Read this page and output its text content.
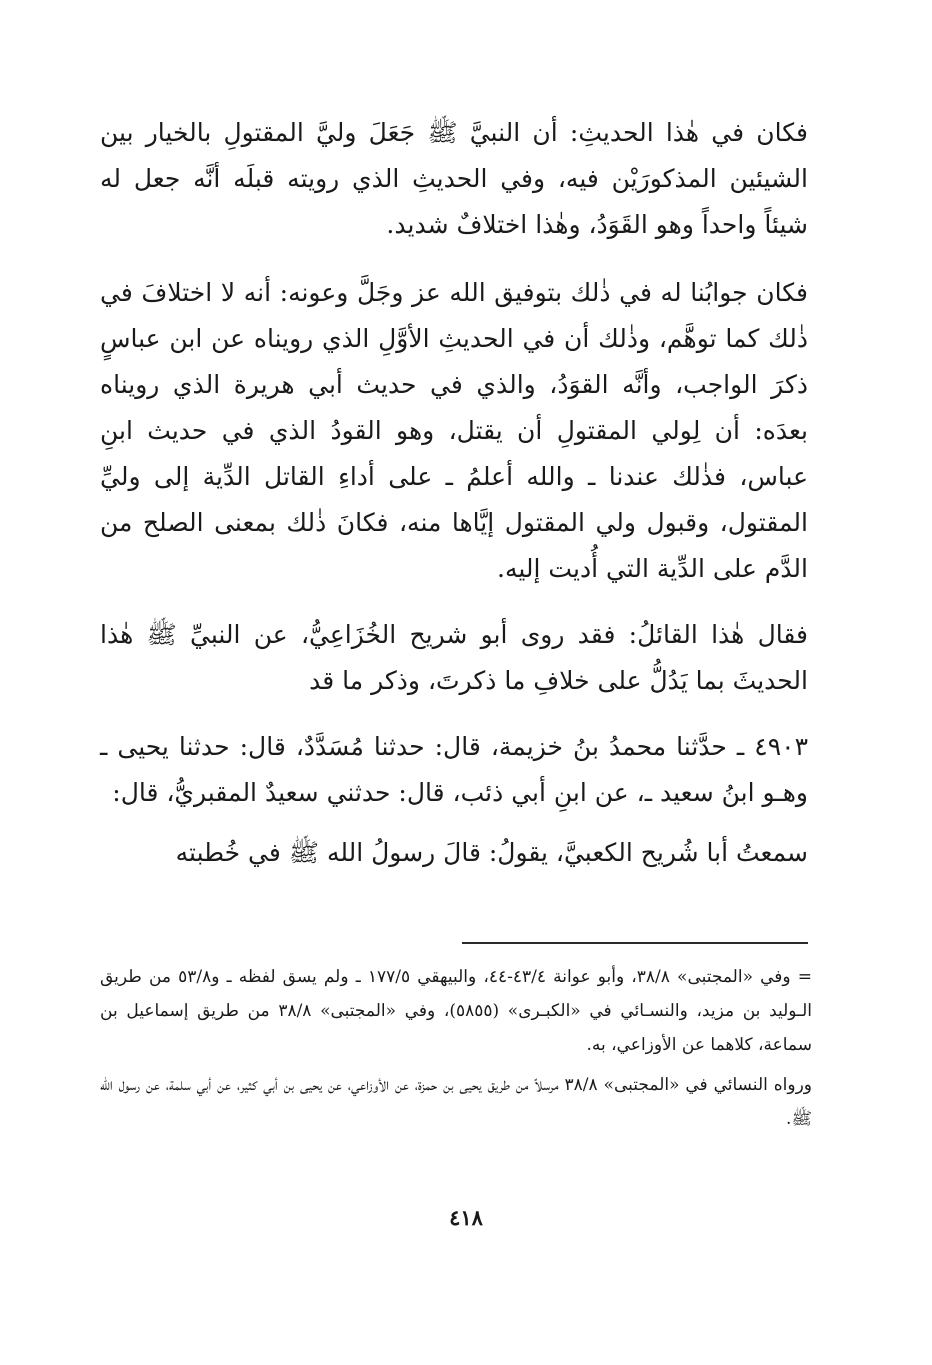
فكان في هٰذا الحديثِ: أن النبيَّ ﷺ جَعَلَ وليَّ المقتولِ بالخيار بين الشيئين المذكورَيْن فيه، وفي الحديثِ الذي رويته قبلَه أنَّه جعل له شيئاً واحداً وهو القَوَدُ، وهٰذا اختلافٌ شديد.

فكان جوابُنا له في ذٰلك بتوفيق الله عز وجَلَّ وعونه: أنه لا اختلافَ في ذٰلك كما توهَّم، وذٰلك أن في الحديثِ الأوَّلِ الذي رويناه عن ابن عباسٍ ذكرَ الواجب، وأنَّه القوَدُ، والذي في حديث أبي هريرة الذي رويناه بعدَه: أن لِولي المقتولِ أن يقتل، وهو القودُ الذي في حديث ابنِ عباس، فذٰلك عندنا ـ والله أعلمُ ـ على أداءِ القاتل الدِّية إلى وليِّ المقتول، وقبول ولي المقتول إيَّاها منه، فكانَ ذٰلك بمعنى الصلح من الدَّم على الدِّية التي أُديت إليه.

فقال هٰذا القائلُ: فقد روى أبو شريح الخُزَاعِيُّ، عن النبيِّ ﷺ هٰذا الحديثَ بما يَدُلُّ على خلافِ ما ذكرتَ، وذكر ما قد

٤٩٠٣ ـ حدَّثنا محمدُ بنُ خزيمة، قال: حدثنا مُسَدَّدٌ، قال: حدثنا يحيى ـ وهـو ابنُ سعيد ـ، عن ابنِ أبي ذئب، قال: حدثني سعيدٌ المقبريُّ، قال:

سمعتُ أبا شُريح الكعبيَّ، يقولُ: قالَ رسولُ الله ﷺ في خُطبته

= وفي «المجتبى» ٣٨/٨، وأبو عوانة ٤٣/٤-٤٤، والبيهقي ١٧٧/٥ ـ ولم يسق لفظه ـ و٥٣/٨ من طريق الـوليد بن مزيد، والنسـائي في «الكبـرى» (٥٨٥٥)، وفي «المجتبى» ٣٨/٨ من طريق إسماعيل بن سماعة، كلاهما عن الأوزاعي، به.

ورواه النسائي في «المجتبى» ٣٨/٨ مرسلاً من طريق يحيى بن حمزة، عن الأوزاعي، عن يحيى بن أبي كثير، عن أبي سلمة، عن رسول الله ﷺ.

٤١٨
